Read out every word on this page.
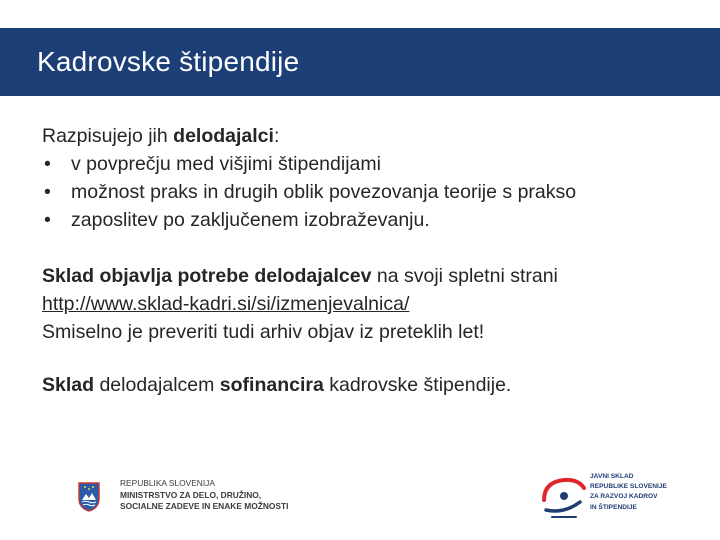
Kadrovske štipendije

Razpisujejo jih delodajalci:

• v povprečju med višjimi štipendijami
• možnost praks in drugih oblik povezovanja teorije s prakso
• zaposlitev po zaključenem izobraževanju.

Sklad objavlja potrebe delodajalcev na svoji spletni strani http://www.sklad-kadri.si/si/izmenjevalnica/
Smiselno je preveriti tudi arhiv objav iz preteklih let!

Sklad delodajalcem sofinancira kadrovske štipendije.

REPUBLIKA SLOVENIJA
MINISTRSTVO ZA DELO, DRUŽINO,
SOCIALNE ZADEVE IN ENAKE MOŽNOSTI
JAVNI SKLAD
REPUBLIKE SLOVENIJE
ZA RAZVOJ KADROV
IN ŠTIPENDIJE
